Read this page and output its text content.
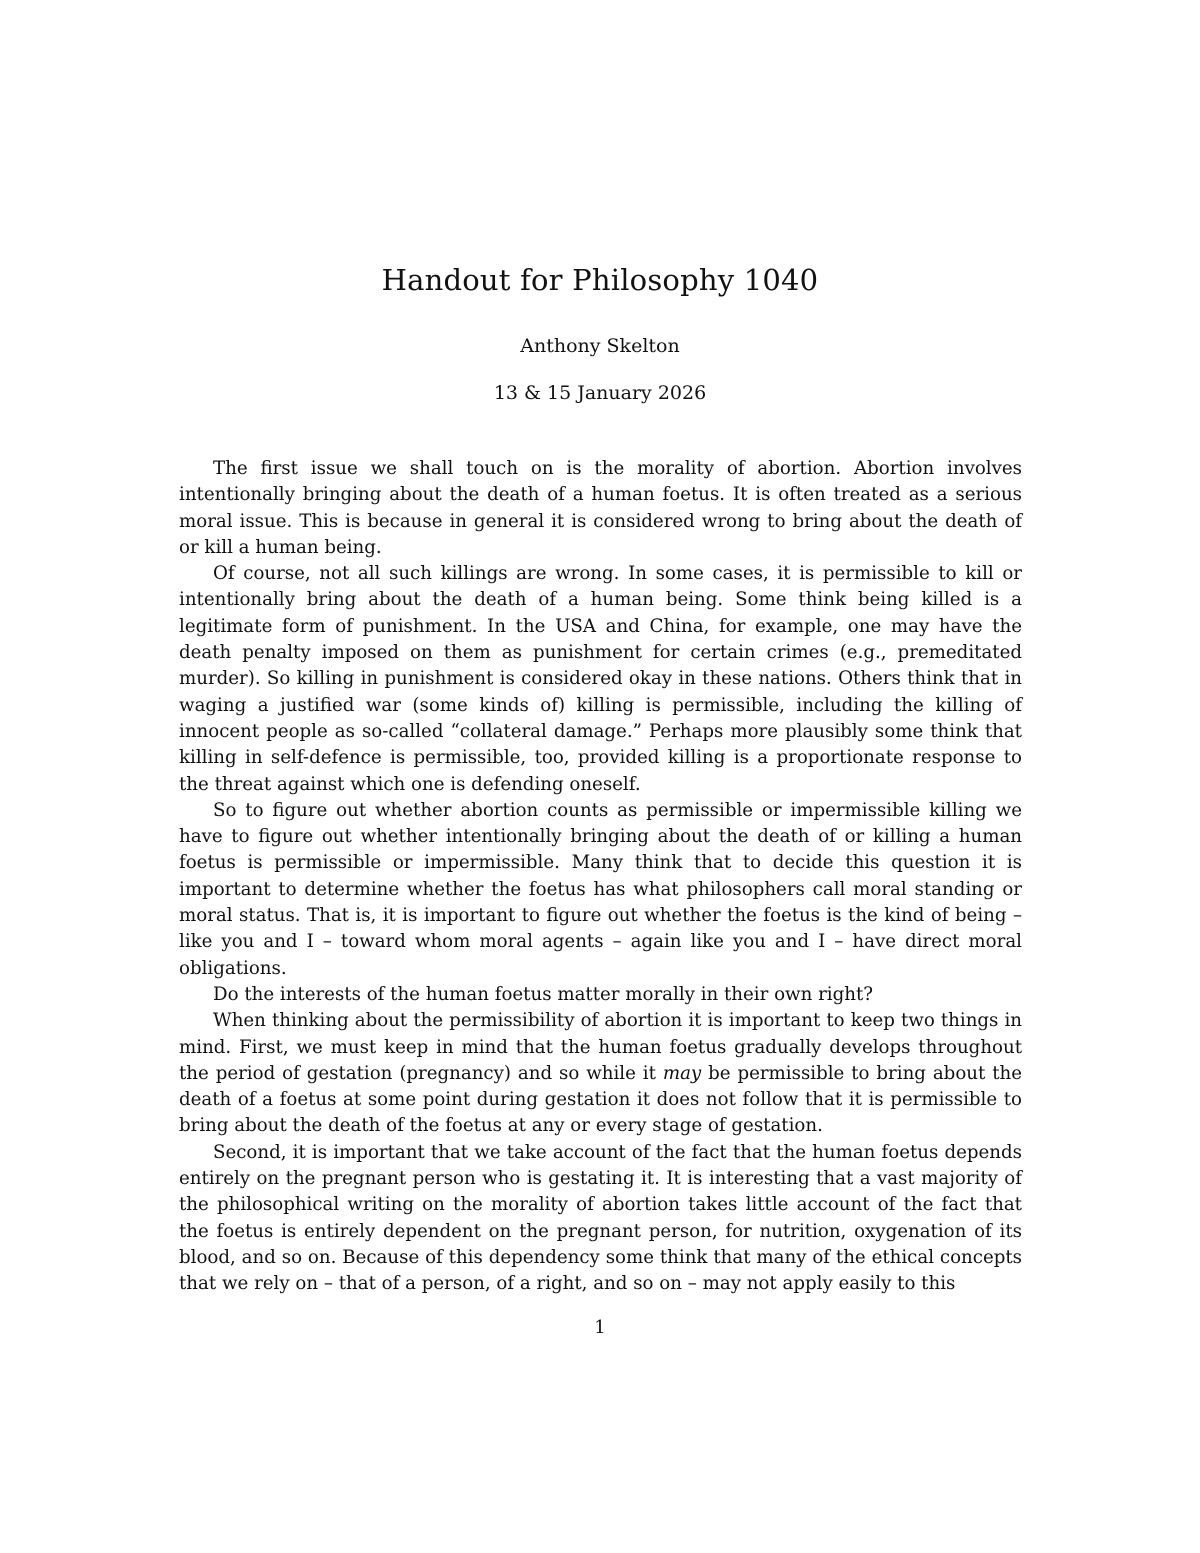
Handout for Philosophy 1040
Anthony Skelton
13 & 15 January 2026

The first issue we shall touch on is the morality of abortion. Abortion involves intentionally bringing about the death of a human foetus. It is often treated as a serious moral issue. This is because in general it is considered wrong to bring about the death of or kill a human being.

Of course, not all such killings are wrong. In some cases, it is permissible to kill or intentionally bring about the death of a human being. Some think being killed is a legitimate form of punishment. In the USA and China, for example, one may have the death penalty imposed on them as punishment for certain crimes (e.g., premeditated murder). So killing in punishment is considered okay in these nations. Others think that in waging a justified war (some kinds of) killing is permissible, including the killing of innocent people as so-called “collateral damage.” Perhaps more plausibly some think that killing in self-defence is permissible, too, provided killing is a proportionate response to the threat against which one is defending oneself.

So to figure out whether abortion counts as permissible or impermissible killing we have to figure out whether intentionally bringing about the death of or killing a human foetus is permissible or impermissible. Many think that to decide this question it is important to determine whether the foetus has what philosophers call moral standing or moral status. That is, it is important to figure out whether the foetus is the kind of being – like you and I – toward whom moral agents – again like you and I – have direct moral obligations.

Do the interests of the human foetus matter morally in their own right?

When thinking about the permissibility of abortion it is important to keep two things in mind. First, we must keep in mind that the human foetus gradually develops throughout the period of gestation (pregnancy) and so while it may be permissible to bring about the death of a foetus at some point during gestation it does not follow that it is permissible to bring about the death of the foetus at any or every stage of gestation.

Second, it is important that we take account of the fact that the human foetus depends entirely on the pregnant person who is gestating it. It is interesting that a vast majority of the philosophical writing on the morality of abortion takes little account of the fact that the foetus is entirely dependent on the pregnant person, for nutrition, oxygenation of its blood, and so on. Because of this dependency some think that many of the ethical concepts that we rely on – that of a person, of a right, and so on – may not apply easily to this

1
